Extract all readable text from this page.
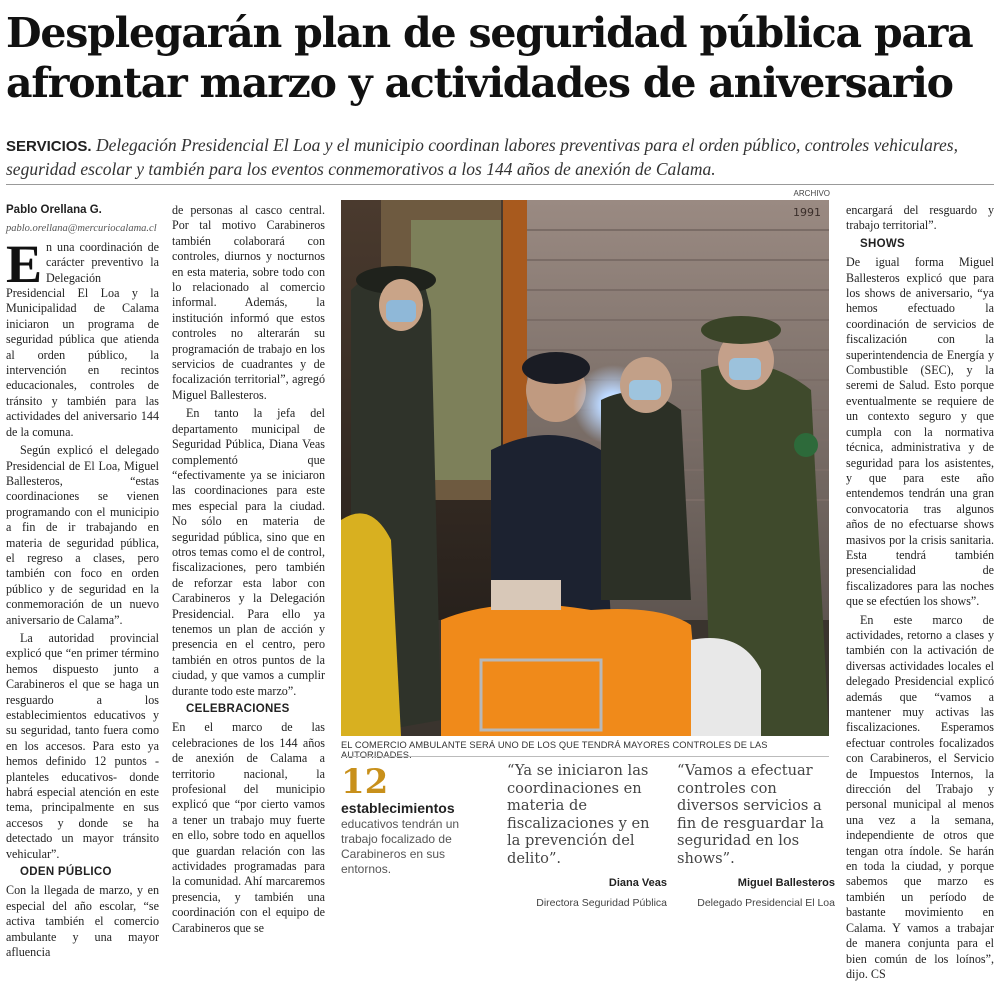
Desplegarán plan de seguridad pública para afrontar marzo y actividades de aniversario

SERVICIOS. Delegación Presidencial El Loa y el municipio coordinan labores preventivas para el orden público, controles vehiculares, seguridad escolar y también para los eventos conmemorativos a los 144 años de anexión de Calama.

Pablo Orellana G.

pablo.orellana@mercuriocalama.cl

En una coordinación de carácter preventivo la Delegación Presidencial El Loa y la Municipalidad de Calama iniciaron un programa de seguridad pública que atienda al orden público, la intervención en recintos educacionales, controles de tránsito y también para las actividades del aniversario 144 de la comuna.

Según explicó el delegado Presidencial de El Loa, Miguel Ballesteros, “estas coordinaciones se vienen programando con el municipio a fin de ir trabajando en materia de seguridad pública, el regreso a clases, pero también con foco en orden público y de seguridad en la conmemoración de un nuevo aniversario de Calama”.

La autoridad provincial explicó que “en primer término hemos dispuesto junto a Carabineros el que se haga un resguardo a los establecimientos educativos y su seguridad, tanto fuera como en los accesos. Para esto ya hemos definido 12 puntos -planteles educativos- donde habrá especial atención en este tema, principalmente en sus accesos y donde se ha detectado un mayor tránsito vehicular”.

ODEN PÚBLICO

Con la llegada de marzo, y en especial del año escolar, “se activa también el comercio ambulante y una mayor afluencia

de personas al casco central. Por tal motivo Carabineros también colaborará con controles, diurnos y nocturnos en esta materia, sobre todo con lo relacionado al comercio informal. Además, la institución informó que estos controles no alterarán su programación de trabajo en los servicios de cuadrantes y de focalización territorial”, agregó Miguel Ballesteros.

En tanto la jefa del departamento municipal de Seguridad Pública, Diana Veas complementó que “efectivamente ya se iniciaron las coordinaciones para este mes especial para la ciudad. No sólo en materia de seguridad pública, sino que en otros temas como el de control, fiscalizaciones, pero también de reforzar esta labor con Carabineros y la Delegación Presidencial. Para ello ya tenemos un plan de acción y presencia en el centro, pero también en otros puntos de la ciudad, y que vamos a cumplir durante todo este marzo”.

CELEBRACIONES

En el marco de las celebraciones de los 144 años de anexión de Calama a territorio nacional, la profesional del municipio explicó que “por cierto vamos a tener un trabajo muy fuerte en ello, sobre todo en aquellos que guardan relación con las actividades programadas para la comunidad. Ahí marcaremos presencia, y también una coordinación con el equipo de Carabineros que se

ARCHIVO
1991
EL COMERCIO AMBULANTE SERÁ UNO DE LOS QUE TENDRÁ MAYORES CONTROLES DE LAS AUTORIDADES.
12
establecimientos educativos tendrán un trabajo focalizado de Carabineros en sus entornos.
“Ya se iniciaron las coordinaciones en materia de fiscalizaciones y en la prevención del delito”.
Diana Veas
Directora Seguridad Pública
“Vamos a efectuar controles con diversos servicios a fin de resguardar la seguridad en los shows”.
Miguel Ballesteros
Delegado Presidencial El Loa

encargará del resguardo y trabajo territorial”.

SHOWS

De igual forma Miguel Ballesteros explicó que para los shows de aniversario, “ya hemos efectuado la coordinación de servicios de fiscalización con la superintendencia de Energía y Combustible (SEC), y la seremi de Salud. Esto porque eventualmente se requiere de un contexto seguro y que cumpla con la normativa técnica, administrativa y de seguridad para los asistentes, y que para este año entendemos tendrán una gran convocatoria tras algunos años de no efectuarse shows masivos por la crisis sanitaria. Esta tendrá también presencialidad de fiscalizadores para las noches que se efectúen los shows”.

En este marco de actividades, retorno a clases y también con la activación de diversas actividades locales el delegado Presidencial explicó además que “vamos a mantener muy activas las fiscalizaciones. Esperamos efectuar controles focalizados con Carabineros, el Servicio de Impuestos Internos, la dirección del Trabajo y personal municipal al menos una vez a la semana, independiente de otros que tengan otra índole. Se harán en toda la ciudad, y porque sabemos que marzo es también un período de bastante movimiento en Calama. Y vamos a trabajar de manera conjunta para el bien común de los loínos”, dijo. CS
